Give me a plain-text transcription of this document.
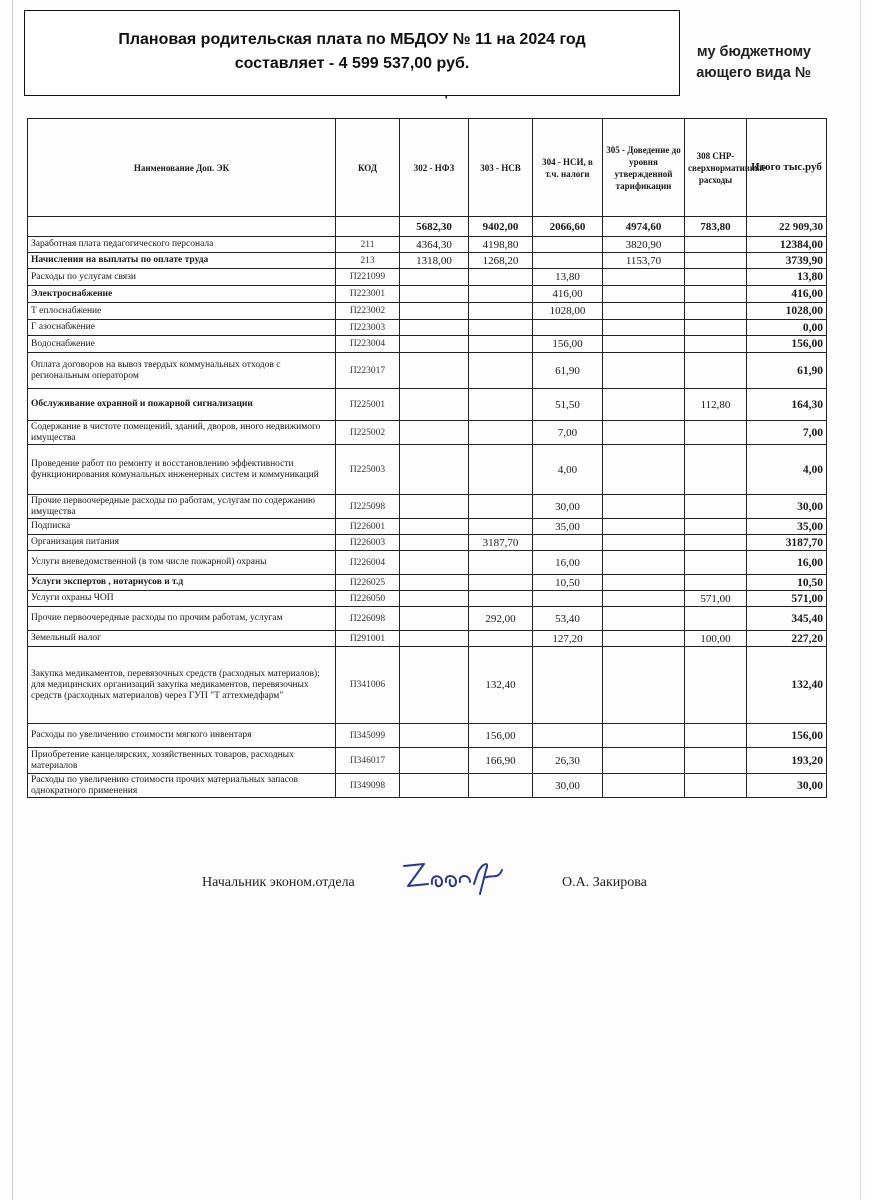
му бюджетному
ающего вида №
Плановая родительская плата по МБДОУ № 11 на 2024 год
составляет - 4 599 537,00 руб.
Наименование Доп. ЭК	КОД	302 - НФЗ	303 - НСВ	304 - НСИ, в т.ч. налоги	305 - Доведение до уровня утвержденной тарификации	308 СНР-сверхнормативные расходы	Итого тыс.руб
		5682,30	9402,00	2066,60	4974,60	783,80	22 909,30
Заработная плата педагогического персонала	211	4364,30	4198,80		3820,90		12384,00
Начисления на выплаты по оплате труда	213	1318,00	1268,20		1153,70		3739,90
Расходы по услугам связи	П221099			13,80			13,80
Электроснабжение	П223001			416,00			416,00
Т еплоснабжение	П223002			1028,00			1028,00
Г азоснабжение	П223003						0,00
Водоснабжение	П223004			156,00			156,00
Оплата договоров на вывоз твердых коммунальных отходов с региональным оператором	П223017			61,90			61,90
Обслуживание охранной и пожарной сигнализации	П225001			51,50		112,80	164,30
Содержание в чистоте помещений, зданий, дворов, иного недвижимого имущества	П225002			7,00			7,00
Проведение работ по ремонту и восстановлению эффективности функционирования комунальных инженерных систем и коммуникаций	П225003			4,00			4,00
Прочие первоочередные расходы по работам, услугам по содержанию имущества	П225098			30,00			30,00
Подписка	П226001			35,00			35,00
Организация питания	П226003		3187,70				3187,70
Услуги вневедомственной (в том числе пожарной) охраны	П226004			16,00			16,00
Услуги экспертов , нотариусов и т.д	П226025			10,50			10,50
Услуги охраны ЧОП	П226050					571,00	571,00
Прочие первоочередные расходы по прочим работам, услугам	П226098		292,00	53,40			345,40
Земельный налог	П291001			127,20		100,00	227,20
Закупка медикаментов, перевязочных средств (расходных материалов); для медицинских организаций закупка медикаментов, перевязочных средств (расходных материалов) через ГУП "Т аттехмедфарм"	П341006		132,40				132,40
Расходы по увеличению стоимости мягкого инвентаря	П345099		156,00				156,00
Приобретение канцелярских, хозяйственных товаров, расходных материалов	П346017		166,90	26,30			193,20
Расходы по увеличению стоимости прочих материальных запасов однократного применения	П349098			30,00			30,00
Начальник эконом.отдела	О.А. Закирова
